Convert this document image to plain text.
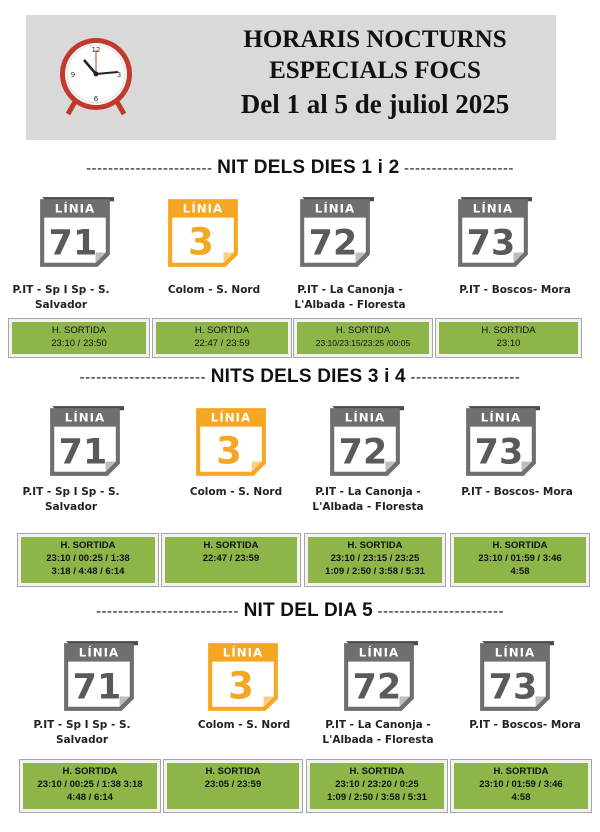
12
3
6
9
HORARIS NOCTURNS
ESPECIALS FOCS
Del 1 al 5 de juliol 2025
----------------------- NIT DELS DIES 1 i 2 --------------------
LÍNIA
71
P.IT - Sp I Sp - S.
Salvador
H. SORTIDA
23:10 / 23:50
LÍNIA
3
Colom - S. Nord
H. SORTIDA
22:47 / 23:59
LÍNIA
72
P.IT - La Canonja -
L'Albada - Floresta
H. SORTIDA
23:10/23:15/23:25 /00:05
LÍNIA
73
P.IT - Boscos- Mora
H. SORTIDA
23:10
----------------------- NITS DELS DIES 3 i 4 --------------------
LÍNIA
71
P.IT - Sp I Sp - S.
Salvador
H. SORTIDA
23:10 / 00:25 / 1:38
3:18 / 4:48 / 6:14
LÍNIA
3
Colom - S. Nord
H. SORTIDA
22:47 / 23:59
LÍNIA
72
P.IT - La Canonja -
L'Albada - Floresta
H. SORTIDA
23:10 / 23:15 / 23:25
1:09 / 2:50 / 3:58 / 5:31
LÍNIA
73
P.IT - Boscos- Mora
H. SORTIDA
23:10 / 01:59 / 3:46
4:58
-------------------------- NIT DEL DIA 5 -----------------------
LÍNIA
71
P.IT - Sp I Sp - S.
Salvador
H. SORTIDA
23:10 / 00:25 / 1:38 3:18
4:48 / 6:14
LÍNIA
3
Colom - S. Nord
H. SORTIDA
23:05 / 23:59
LÍNIA
72
P.IT - La Canonja -
L'Albada - Floresta
H. SORTIDA
23:10 / 23:20 / 0:25
1:09 / 2:50 / 3:58 / 5:31
LÍNIA
73
P.IT - Boscos- Mora
H. SORTIDA
23:10 / 01:59 / 3:46
4:58
